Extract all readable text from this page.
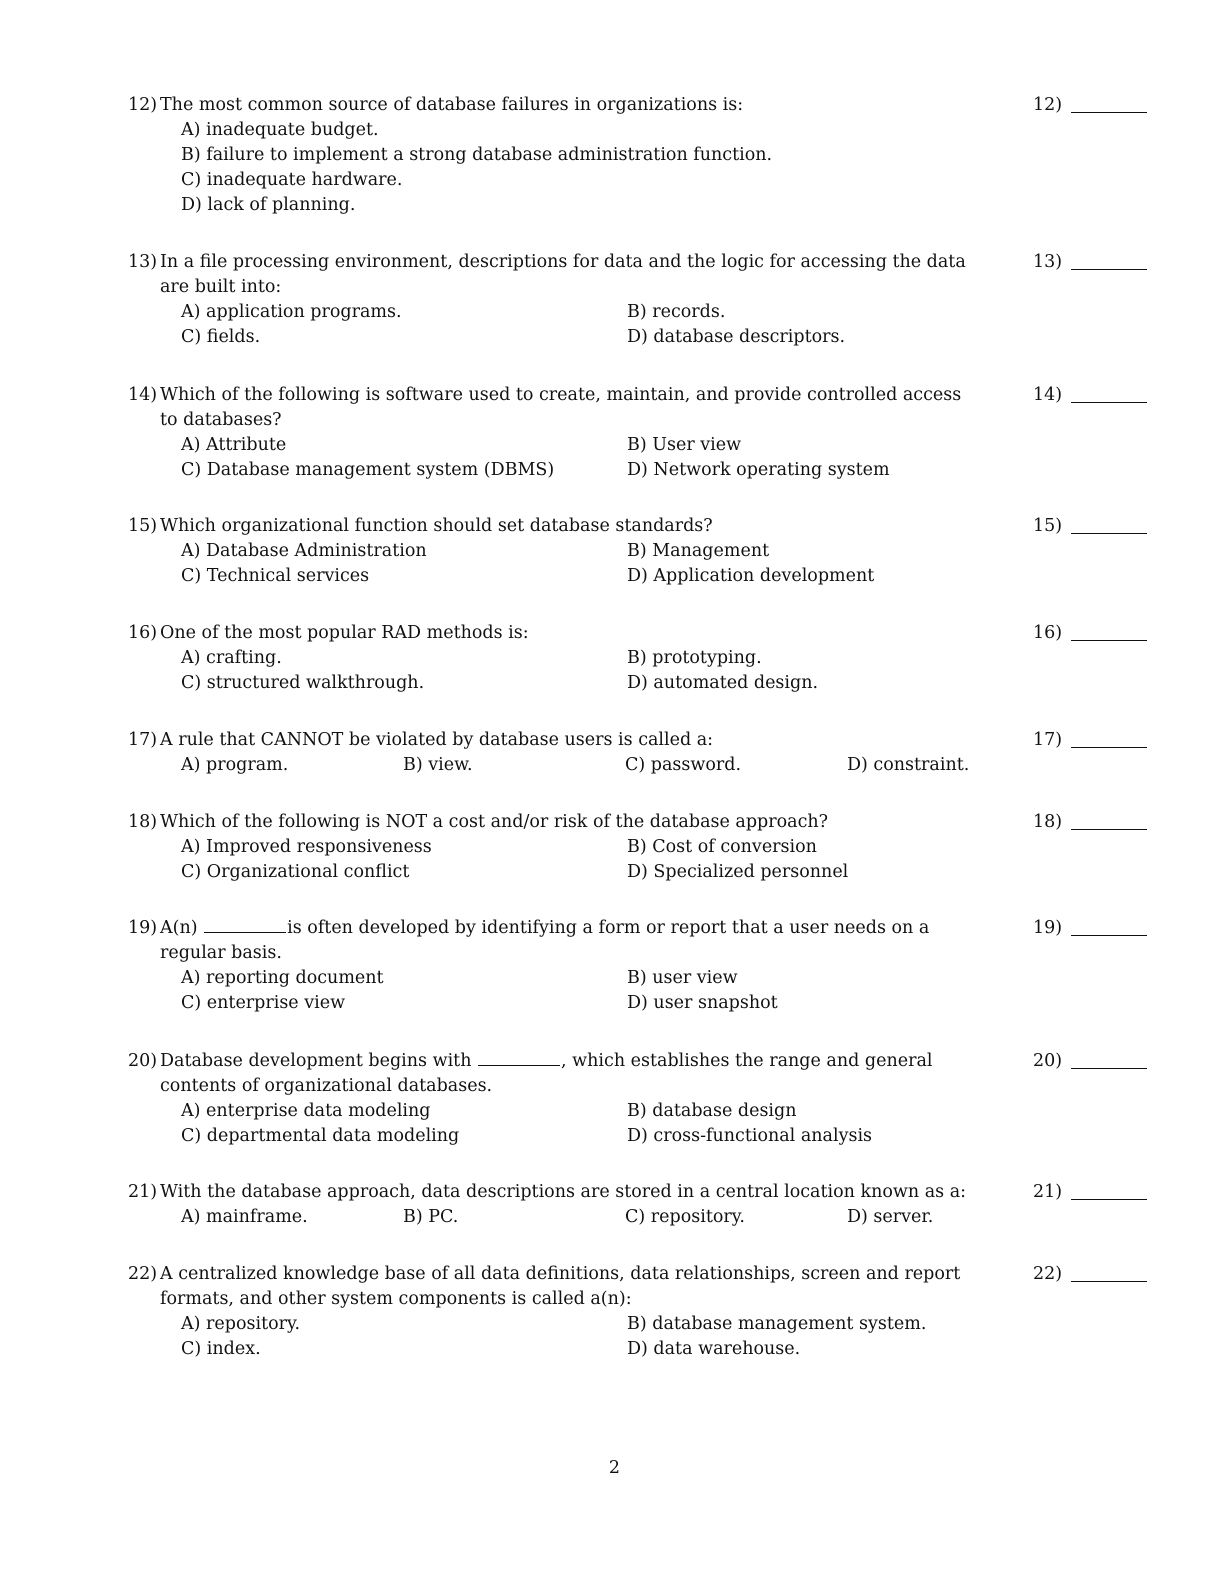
12) The most common source of database failures in organizations is:	12)
A) inadequate budget.
B) failure to implement a strong database administration function.
C) inadequate hardware.
D) lack of planning.
13) In a file processing environment, descriptions for data and the logic for accessing the data are built into:
13)
A) application programs.	B) records.
C) fields.	D) database descriptors.
14) Which of the following is software used to create, maintain, and provide controlled access to databases?
14)
A) Attribute	B) User view
C) Database management system (DBMS)	D) Network operating system
15) Which organizational function should set database standards?	15)
A) Database Administration	B) Management
C) Technical services	D) Application development
16) One of the most popular RAD methods is:	16)
A) crafting.	B) prototyping.
C) structured walkthrough.	D) automated design.
17) A rule that CANNOT be violated by database users is called a:	17)
A) program.	B) view.	C) password.	D) constraint.
18) Which of the following is NOT a cost and/or risk of the database approach?	18)
A) Improved responsiveness	B) Cost of conversion
C) Organizational conflict	D) Specialized personnel
19) A(n)	is often developed by identifying a form or report that a user needs on a regular basis.
19)
A) reporting document	B) user view
C) enterprise view	D) user snapshot
20) Database development begins with	, which establishes the range and general contents of organizational databases.
20)
A) enterprise data modeling	B) database design
C) departmental data modeling	D) cross-functional analysis
21) With the database approach, data descriptions are stored in a central location known as a:	21)
A) mainframe.	B) PC.	C) repository.	D) server.
22) A centralized knowledge base of all data definitions, data relationships, screen and report formats, and other system components is called a(n):
22)
A) repository.	B) database management system.
C) index.	D) data warehouse.
2
